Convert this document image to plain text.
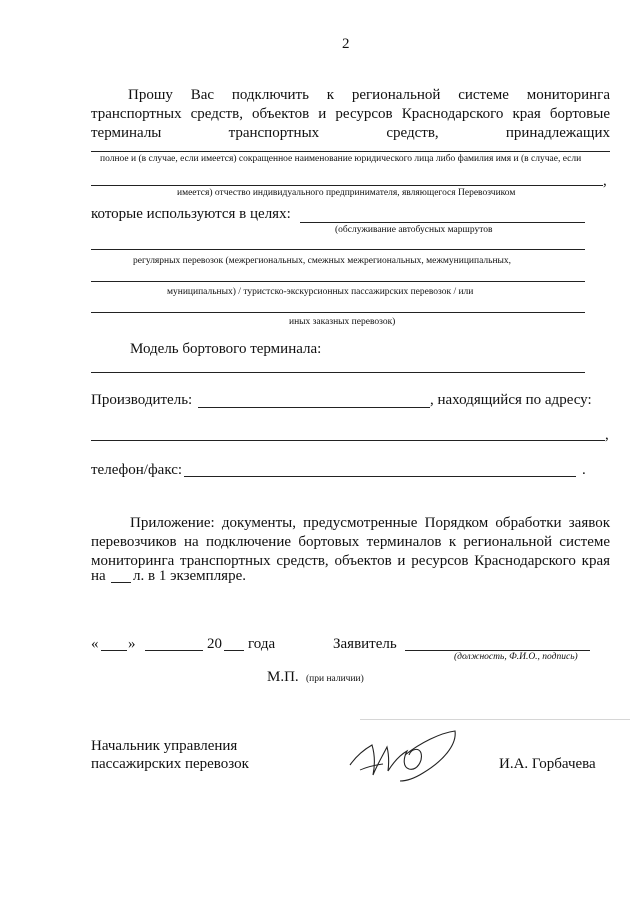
2
Прошу Вас подключить к региональной системе мониторинга
транспортных средств, объектов и ресурсов Краснодарского края бортовые
терминалы транспортных средств, принадлежащих
полное и (в случае, если имеется) сокращенное наименование юридического лица либо фамилия имя и (в случае, если
,
имеется) отчество индивидуального предпринимателя, являющегося Перевозчиком
которые используются в целях:
(обслуживание автобусных маршрутов
регулярных перевозок (межрегиональных, смежных межрегиональных, межмуниципальных,
муниципальных) / туристско-экскурсионных пассажирских перевозок / или
иных заказных перевозок)
Модель бортового терминала:
Производитель:	, находящийся по адресу:
,
телефон/факс:	.
Приложение: документы, предусмотренные Порядком обработки заявок
перевозчиков на подключение бортовых терминалов к региональной системе
мониторинга транспортных средств, объектов и ресурсов Краснодарского края
на л. в 1 экземпляре.
« »	20 года	Заявитель
(должность, Ф.И.О., подпись)
М.П. (при наличии)
Начальник управления
пассажирских перевозок	И.А. Горбачева
